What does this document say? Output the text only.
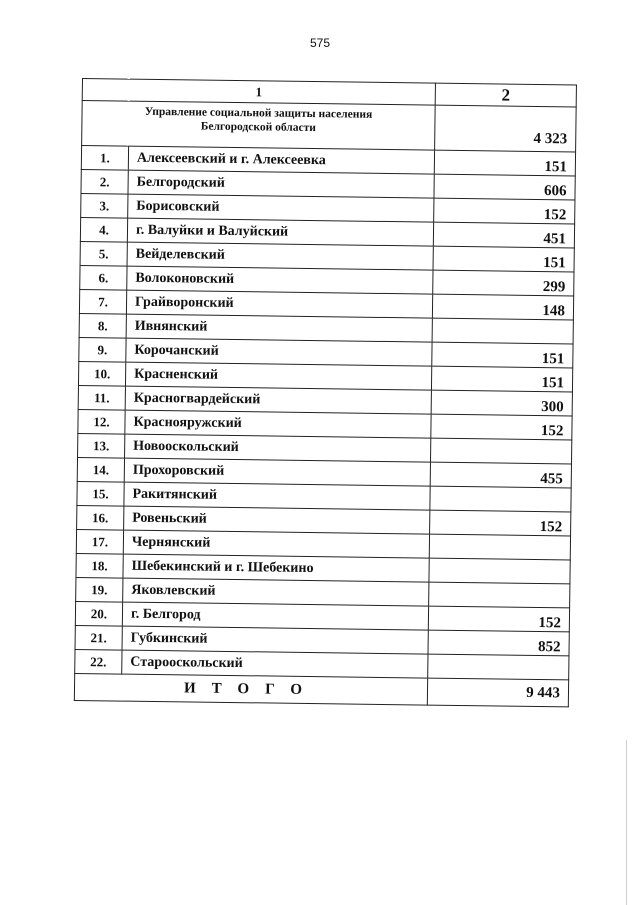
575
1		2
Управление социальной защиты населения
Белгородской области		4 323
1.	Алексеевский и г. Алексеевка	151
2.	Белгородский	606
3.	Борисовский	152
4.	г. Валуйки и Валуйский	451
5.	Вейделевский	151
6.	Волоконовский	299
7.	Грайворонский	148
8.	Ивнянский	
9.	Корочанский	151
10.	Красненский	151
11.	Красногвардейский	300
12.	Краснояружский	152
13.	Новооскольский	
14.	Прохоровский	455
15.	Ракитянский	
16.	Ровеньский	152
17.	Чернянский	
18.	Шебекинский и г. Шебекино	
19.	Яковлевский	
20.	г. Белгород	152
21.	Губкинский	852
22.	Старооскольский	
ИТОГО		9 443
